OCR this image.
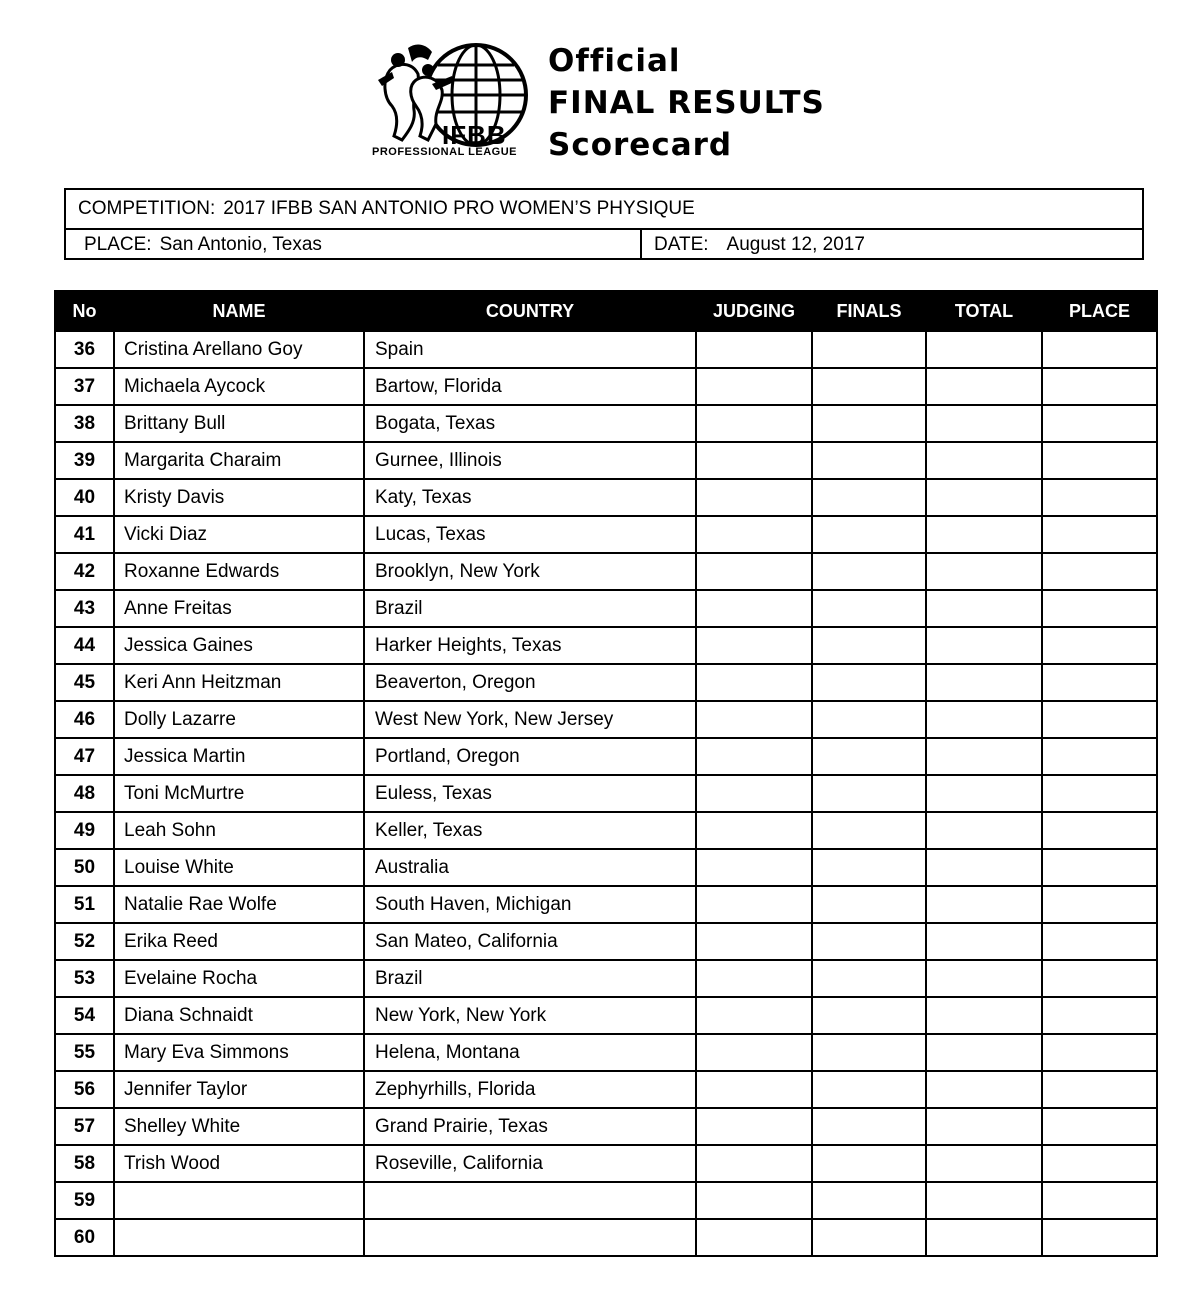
IFBB
PROFESSIONAL LEAGUE
Official
FINAL RESULTS
Scorecard
COMPETITION: 2017 IFBB SAN ANTONIO PRO WOMEN’S PHYSIQUE
PLACE: San Antonio, Texas	DATE: August 12, 2017
No	NAME	COUNTRY	JUDGING	FINALS	TOTAL	PLACE
36	Cristina Arellano Goy	Spain				
37	Michaela Aycock	Bartow, Florida				
38	Brittany Bull	Bogata, Texas				
39	Margarita Charaim	Gurnee, Illinois				
40	Kristy Davis	Katy, Texas				
41	Vicki Diaz	Lucas, Texas				
42	Roxanne Edwards	Brooklyn, New York				
43	Anne Freitas	Brazil				
44	Jessica Gaines	Harker Heights, Texas				
45	Keri Ann Heitzman	Beaverton, Oregon				
46	Dolly Lazarre	West New York, New Jersey				
47	Jessica Martin	Portland, Oregon				
48	Toni McMurtre	Euless, Texas				
49	Leah Sohn	Keller, Texas				
50	Louise White	Australia				
51	Natalie Rae Wolfe	South Haven, Michigan				
52	Erika Reed	San Mateo, California				
53	Evelaine Rocha	Brazil				
54	Diana Schnaidt	New York, New York				
55	Mary Eva Simmons	Helena, Montana				
56	Jennifer Taylor	Zephyrhills, Florida				
57	Shelley White	Grand Prairie, Texas				
58	Trish Wood	Roseville, California				
59						
60						
